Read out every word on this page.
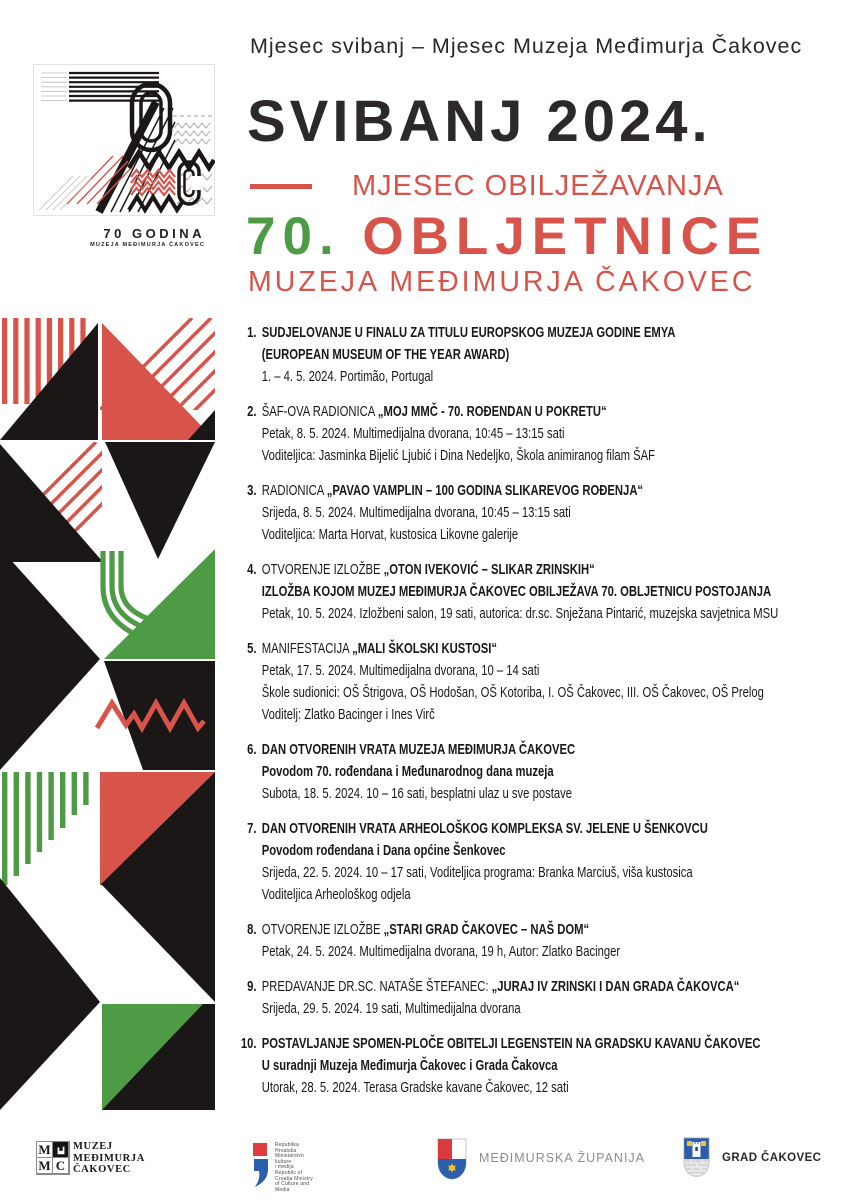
Mjesec svibanj – Mjesec Muzeja Međimurja Čakovec
70 GODINA
MUZEJA MEĐIMURJA ČAKOVEC
SVIBANJ 2024.
MJESEC OBILJEŽAVANJA
70. OBLJETNICE
MUZEJA MEĐIMURJA ČAKOVEC
1. SUDJELOVANJE U FINALU ZA TITULU EUROPSKOG MUZEJA GODINE EMYA
(EUROPEAN MUSEUM OF THE YEAR AWARD)
1. – 4. 5. 2024. Portimão, Portugal
2. ŠAF-OVA RADIONICA „MOJ MMČ - 70. ROĐENDAN U POKRETU“
Petak, 8. 5. 2024. Multimedijalna dvorana, 10:45 – 13:15 sati
Voditeljica: Jasminka Bijelić Ljubić i Dina Nedeljko, Škola animiranog filam ŠAF
3. RADIONICA „PAVAO VAMPLIN – 100 GODINA SLIKAREVOG ROĐENJA“
Srijeda, 8. 5. 2024. Multimedijalna dvorana, 10:45 – 13:15 sati
Voditeljica: Marta Horvat, kustosica Likovne galerije
4. OTVORENJE IZLOŽBE „OTON IVEKOVIĆ – SLIKAR ZRINSKIH“
IZLOŽBA KOJOM MUZEJ MEĐIMURJA ČAKOVEC OBILJEŽAVA 70. OBLJETNICU POSTOJANJA
Petak, 10. 5. 2024. Izložbeni salon, 19 sati, autorica: dr.sc. Snježana Pintarić, muzejska savjetnica MSU
5. MANIFESTACIJA „MALI ŠKOLSKI KUSTOSI“
Petak, 17. 5. 2024. Multimedijalna dvorana, 10 – 14 sati
Škole sudionici: OŠ Štrigova, OŠ Hodošan, OŠ Kotoriba, I. OŠ Čakovec, III. OŠ Čakovec, OŠ Prelog
Voditelj: Zlatko Bacinger i Ines Virč
6. DAN OTVORENIH VRATA MUZEJA MEĐIMURJA ČAKOVEC
Povodom 70. rođendana i Međunarodnog dana muzeja
Subota, 18. 5. 2024. 10 – 16 sati, besplatni ulaz u sve postave
7. DAN OTVORENIH VRATA ARHEOLOŠKOG KOMPLEKSA SV. JELENE U ŠENKOVCU
Povodom rođendana i Dana općine Šenkovec
Srijeda, 22. 5. 2024. 10 – 17 sati, Voditeljica programa: Branka Marciuš, viša kustosica
Voditeljica Arheološkog odjela
8. OTVORENJE IZLOŽBE „STARI GRAD ČAKOVEC – NAŠ DOM“
Petak, 24. 5. 2024. Multimedijalna dvorana, 19 h, Autor: Zlatko Bacinger
9. PREDAVANJE DR.SC. NATAŠE ŠTEFANEC: „JURAJ IV ZRINSKI I DAN GRADA ČAKOVCA“
Srijeda, 29. 5. 2024. 19 sati, Multimedijalna dvorana
10. POSTAVLJANJE SPOMEN-PLOČE OBITELJI LEGENSTEIN NA GRADSKU KAVANU ČAKOVEC
U suradnji Muzeja Međimurja Čakovec i Grada Čakovca
Utorak, 28. 5. 2024. Terasa Gradske kavane Čakovec, 12 sati
M
M C
MUZEJ
MEĐIMURJA
ČAKOVEC
Republika
Hrvatska
Ministarstvo
kulture
i medija
Republic of
Croatia Ministry
of Culture and Media
MEĐIMURSKA ŽUPANIJA	GRAD ČAKOVEC
